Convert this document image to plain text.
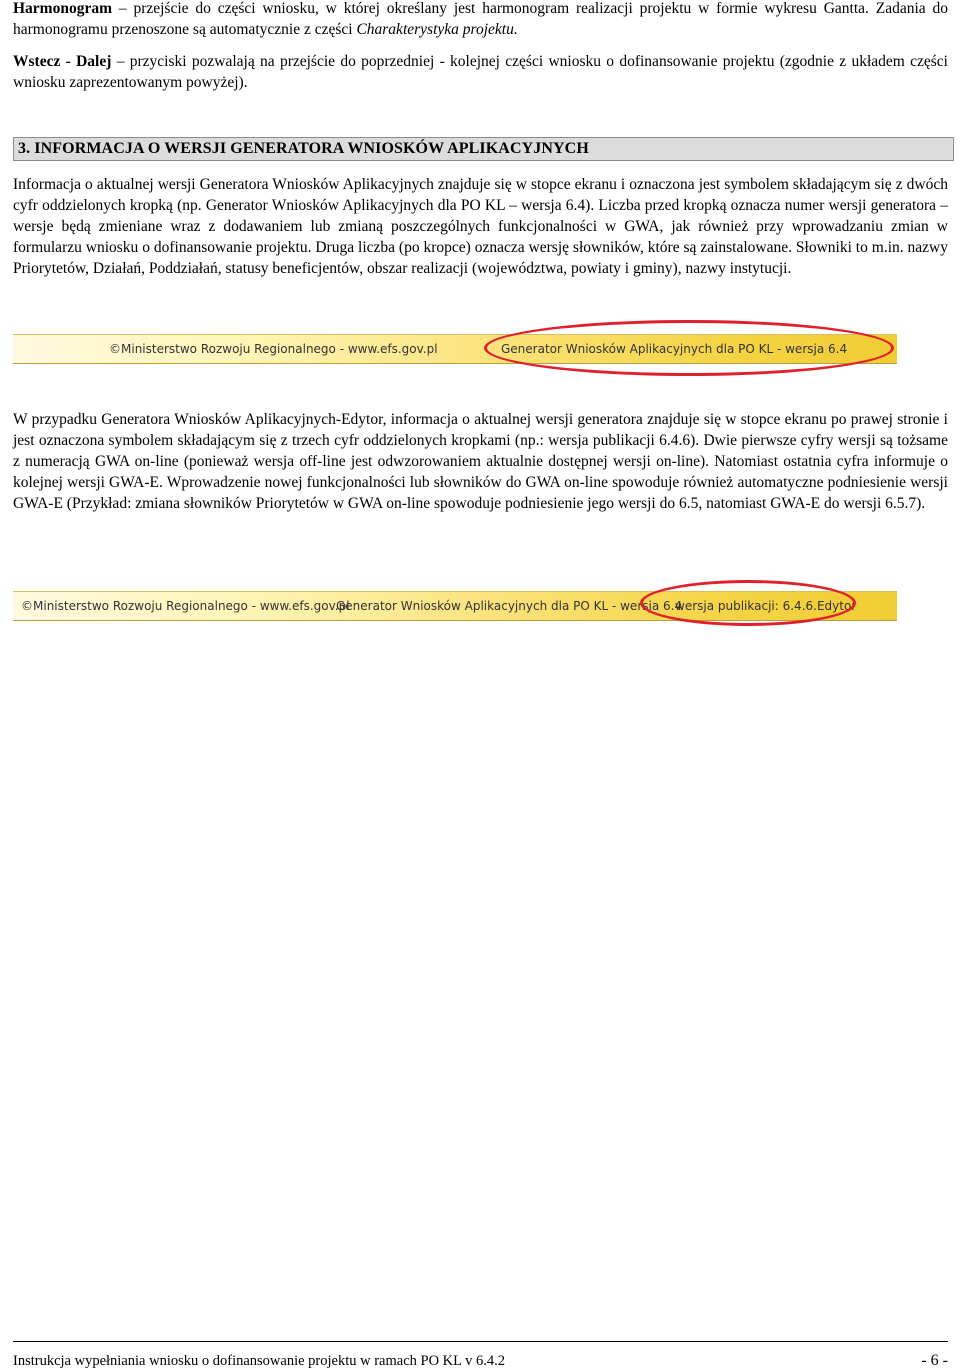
Harmonogram – przejście do części wniosku, w której określany jest harmonogram realizacji projektu w formie wykresu Gantta. Zadania do harmonogramu przenoszone są automatycznie z części Charakterystyka projektu.

Wstecz - Dalej – przyciski pozwalają na przejście do poprzedniej - kolejnej części wniosku o dofinansowanie projektu (zgodnie z układem części wniosku zaprezentowanym powyżej).

3. INFORMACJA O WERSJI GENERATORA WNIOSKÓW APLIKACYJNYCH

Informacja o aktualnej wersji Generatora Wniosków Aplikacyjnych znajduje się w stopce ekranu i oznaczona jest symbolem składającym się z dwóch cyfr oddzielonych kropką (np. Generator Wniosków Aplikacyjnych dla PO KL – wersja 6.4). Liczba przed kropką oznacza numer wersji generatora – wersje będą zmieniane wraz z dodawaniem lub zmianą poszczególnych funkcjonalności w GWA, jak również przy wprowadzaniu zmian w formularzu wniosku o dofinansowanie projektu. Druga liczba (po kropce) oznacza wersję słowników, które są zainstalowane. Słowniki to m.in. nazwy Priorytetów, Działań, Poddziałań, statusy beneficjentów, obszar realizacji (województwa, powiaty i gminy), nazwy instytucji.

©Ministerstwo Rozwoju Regionalnego - www.efs.gov.pl	Generator Wniosków Aplikacyjnych dla PO KL - wersja 6.4

W przypadku Generatora Wniosków Aplikacyjnych-Edytor, informacja o aktualnej wersji generatora znajduje się w stopce ekranu po prawej stronie i jest oznaczona symbolem składającym się z trzech cyfr oddzielonych kropkami (np.: wersja publikacji 6.4.6). Dwie pierwsze cyfry wersji są tożsame z numeracją GWA on-line (ponieważ wersja off-line jest odwzorowaniem aktualnie dostępnej wersji on-line). Natomiast ostatnia cyfra informuje o kolejnej wersji GWA-E. Wprowadzenie nowej funkcjonalności lub słowników do GWA on-line spowoduje również automatyczne podniesienie wersji GWA-E (Przykład: zmiana słowników Priorytetów w GWA on-line spowoduje podniesienie jego wersji do 6.5, natomiast GWA-E do wersji 6.5.7).

©Ministerstwo Rozwoju Regionalnego - www.efs.gov.pl
Generator Wniosków Aplikacyjnych dla PO KL - wersja 6.4
wersja publikacji: 6.4.6.Edytor
Instrukcja wypełniania wniosku o dofinansowanie projektu w ramach PO KL v 6.4.2	- 6 -
